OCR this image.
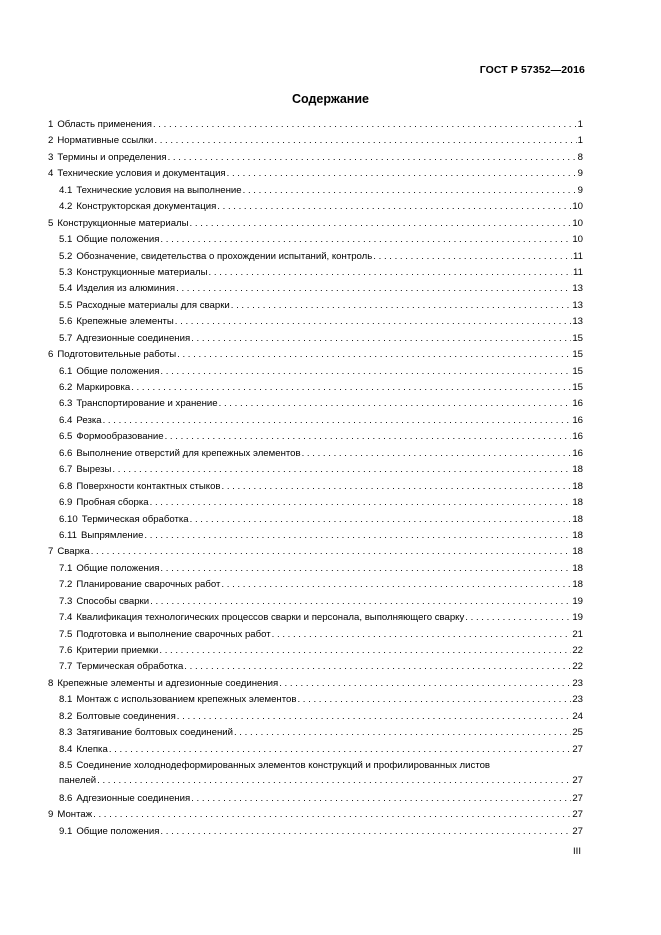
ГОСТ Р 57352—2016
Содержание
1 Область применения . . .	1
2 Нормативные ссылки . . .	1
3 Термины и определения . . .	8
4 Технические условия и документация . . .	9
4.1 Технические условия на выполнение . . .	9
4.2 Конструкторская документация . . .	10
5 Конструкционные материалы . . .	10
5.1 Общие положения . . .	10
5.2 Обозначение, свидетельства о прохождении испытаний, контроль . . .	11
5.3 Конструкционные материалы . . .	11
5.4 Изделия из алюминия . . .	13
5.5 Расходные материалы для сварки . . .	13
5.6 Крепежные элементы . . .	13
5.7 Адгезионные соединения . . .	15
6 Подготовительные работы . . .	15
6.1 Общие положения . . .	15
6.2 Маркировка . . .	15
6.3 Транспортирование и хранение . . .	16
6.4 Резка . . .	16
6.5 Формообразование . . .	16
6.6 Выполнение отверстий для крепежных элементов . . .	16
6.7 Вырезы . . .	18
6.8 Поверхности контактных стыков . . .	18
6.9 Пробная сборка . . .	18
6.10 Термическая обработка . . .	18
6.11 Выпрямление . . .	18
7 Сварка . . .	18
7.1 Общие положения . . .	18
7.2 Планирование сварочных работ . . .	18
7.3 Способы сварки . . .	19
7.4 Квалификация технологических процессов сварки и персонала, выполняющего сварку . . .	19
7.5 Подготовка и выполнение сварочных работ . . .	21
7.6 Критерии приемки . . .	22
7.7 Термическая обработка . . .	22
8 Крепежные элементы и адгезионные соединения . . .	23
8.1 Монтаж с использованием крепежных элементов . . .	23
8.2 Болтовые соединения . . .	24
8.3 Затягивание болтовых соединений . . .	25
8.4 Клепка . . .	27
8.5 Соединение холоднодеформированных элементов конструкций и профилированных листов
панелей . . .	27
8.6 Адгезионные соединения . . .	27
9 Монтаж . . .	27
9.1 Общие положения . . .	27
III
